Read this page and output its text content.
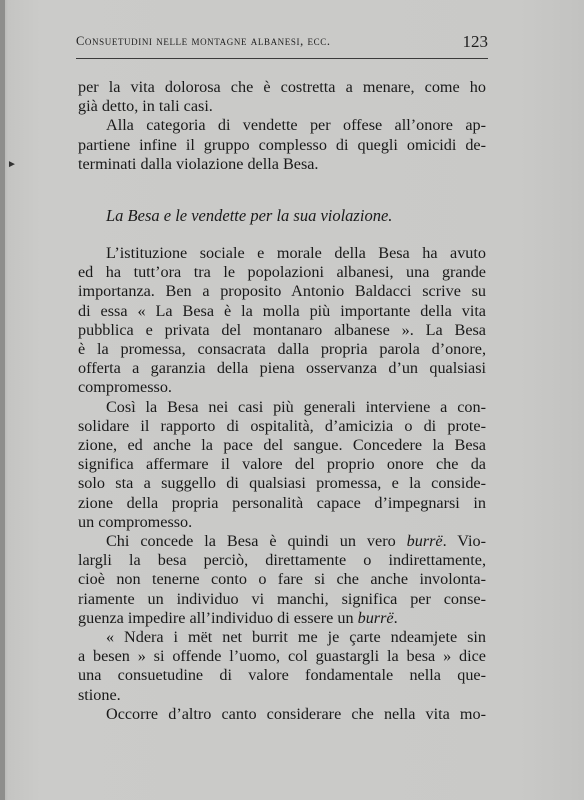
►
Consuetudini nelle montagne albanesi, ecc.	123

per la vita dolorosa che è costretta a menare, come ho
già detto, in tali casi.

Alla categoria di vendette per offese all’onore ap-
partiene infine il gruppo complesso di quegli omicidi de-
terminati dalla violazione della Besa.

La Besa e le vendette per la sua violazione.

L’istituzione sociale e morale della Besa ha avuto
ed ha tutt’ora tra le popolazioni albanesi, una grande
importanza. Ben a proposito Antonio Baldacci scrive su
di essa « La Besa è la molla più importante della vita
pubblica e privata del montanaro albanese ». La Besa
è la promessa, consacrata dalla propria parola d’onore,
offerta a garanzia della piena osservanza d’un qualsiasi
compromesso.

Così la Besa nei casi più generali interviene a con-
solidare il rapporto di ospitalità, d’amicizia o di prote-
zione, ed anche la pace del sangue. Concedere la Besa
significa affermare il valore del proprio onore che da
solo sta a suggello di qualsiasi promessa, e la conside-
zione della propria personalità capace d’impegnarsi in
un compromesso.

Chi concede la Besa è quindi un vero burrë. Vio-
largli la besa perciò, direttamente o indirettamente,
cioè non tenerne conto o fare si che anche involonta-
riamente un individuo vi manchi, significa per conse-
guenza impedire all’individuo di essere un burrë.

« Ndera i mët net burrit me je çarte ndeamjete sin
a besen » si offende l’uomo, col guastargli la besa » dice
una consuetudine di valore fondamentale nella que-
stione.

Occorre d’altro canto considerare che nella vita mo-
